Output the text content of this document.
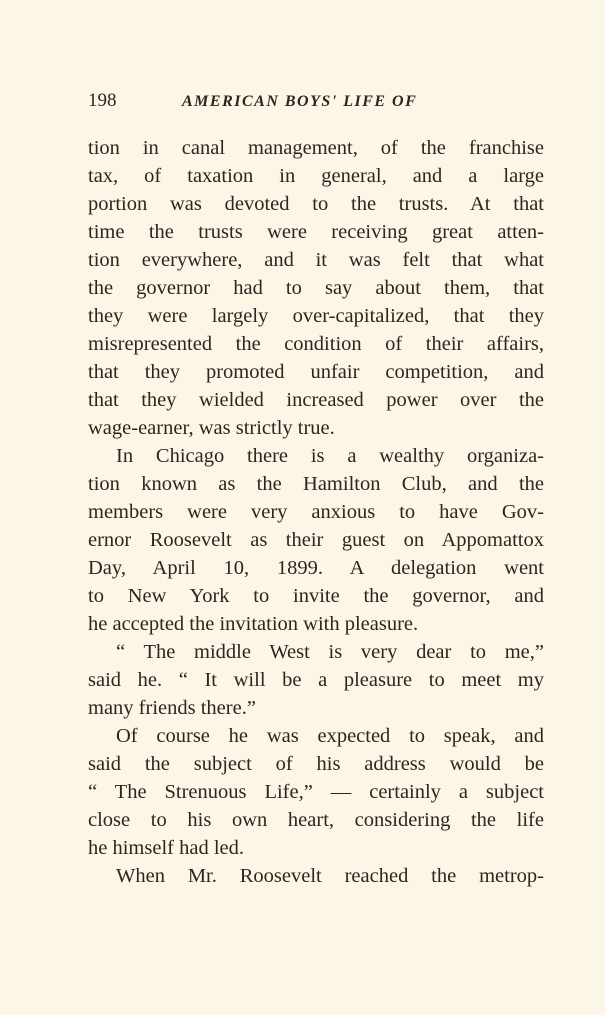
198	AMERICAN BOYS' LIFE OF
tion in canal management, of the franchise
tax, of taxation in general, and a large
portion was devoted to the trusts. At that
time the trusts were receiving great atten-
tion everywhere, and it was felt that what
the governor had to say about them, that
they were largely over-capitalized, that they
misrepresented the condition of their affairs,
that they promoted unfair competition, and
that they wielded increased power over the
wage-earner, was strictly true.
In Chicago there is a wealthy organiza-
tion known as the Hamilton Club, and the
members were very anxious to have Gov-
ernor Roosevelt as their guest on Appomattox
Day, April 10, 1899. A delegation went
to New York to invite the governor, and
he accepted the invitation with pleasure.
“ The middle West is very dear to me,”
said he. “ It will be a pleasure to meet my
many friends there.”
Of course he was expected to speak, and
said the subject of his address would be
“ The Strenuous Life,” — certainly a subject
close to his own heart, considering the life
he himself had led.
When Mr. Roosevelt reached the metrop-
